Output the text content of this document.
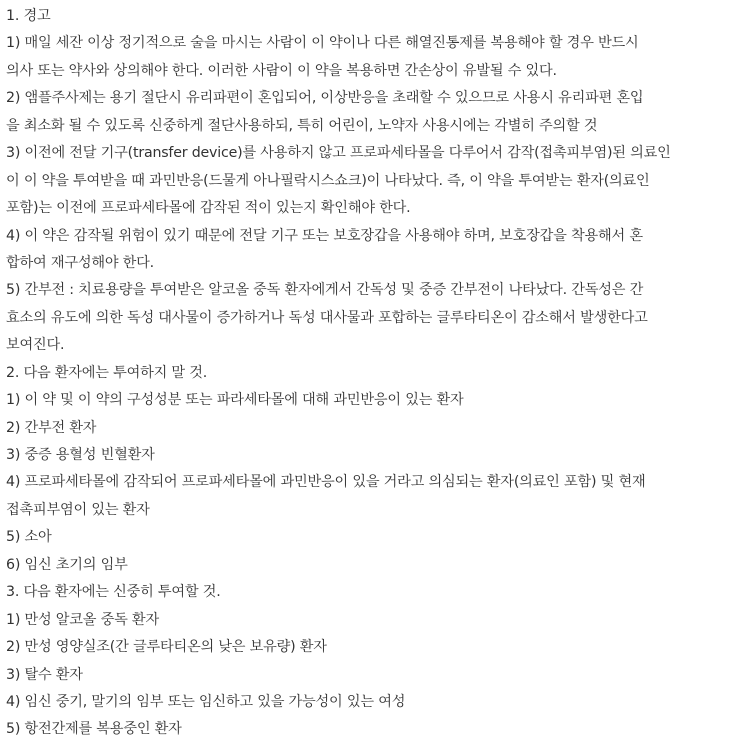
1. 경고
1) 매일 세잔 이상 정기적으로 술을 마시는 사람이 이 약이나 다른 해열진통제를 복용해야 할 경우 반드시
의사 또는 약사와 상의해야 한다. 이러한 사람이 이 약을 복용하면 간손상이 유발될 수 있다.
2) 앰플주사제는 용기 절단시 유리파편이 혼입되어, 이상반응을 초래할 수 있으므로 사용시 유리파편 혼입
을 최소화 될 수 있도록 신중하게 절단사용하되, 특히 어린이, 노약자 사용시에는 각별히 주의할 것
3) 이전에 전달 기구(transfer device)를 사용하지 않고 프로파세타몰을 다루어서 감작(접촉피부염)된 의료인
이 이 약을 투여받을 때 과민반응(드물게 아나필락시스쇼크)이 나타났다. 즉, 이 약을 투여받는 환자(의료인
포함)는 이전에 프로파세타몰에 감작된 적이 있는지 확인해야 한다.
4) 이 약은 감작될 위험이 있기 때문에 전달 기구 또는 보호장갑을 사용해야 하며, 보호장갑을 착용해서 혼
합하여 재구성해야 한다.
5) 간부전 : 치료용량을 투여받은 알코올 중독 환자에게서 간독성 및 중증 간부전이 나타났다. 간독성은 간
효소의 유도에 의한 독성 대사물이 증가하거나 독성 대사물과 포합하는 글루타티온이 감소해서 발생한다고
보여진다.
2. 다음 환자에는 투여하지 말 것.
1) 이 약 및 이 약의 구성성분 또는 파라세타몰에 대해 과민반응이 있는 환자
2) 간부전 환자
3) 중증 용혈성 빈혈환자
4) 프로파세타몰에 감작되어 프로파세타몰에 과민반응이 있을 거라고 의심되는 환자(의료인 포함) 및 현재
접촉피부염이 있는 환자
5) 소아
6) 임신 초기의 임부
3. 다음 환자에는 신중히 투여할 것.
1) 만성 알코올 중독 환자
2) 만성 영양실조(간 글루타티온의 낮은 보유량) 환자
3) 탈수 환자
4) 임신 중기, 말기의 임부 또는 임신하고 있을 가능성이 있는 여성
5) 항전간제를 복용중인 환자
